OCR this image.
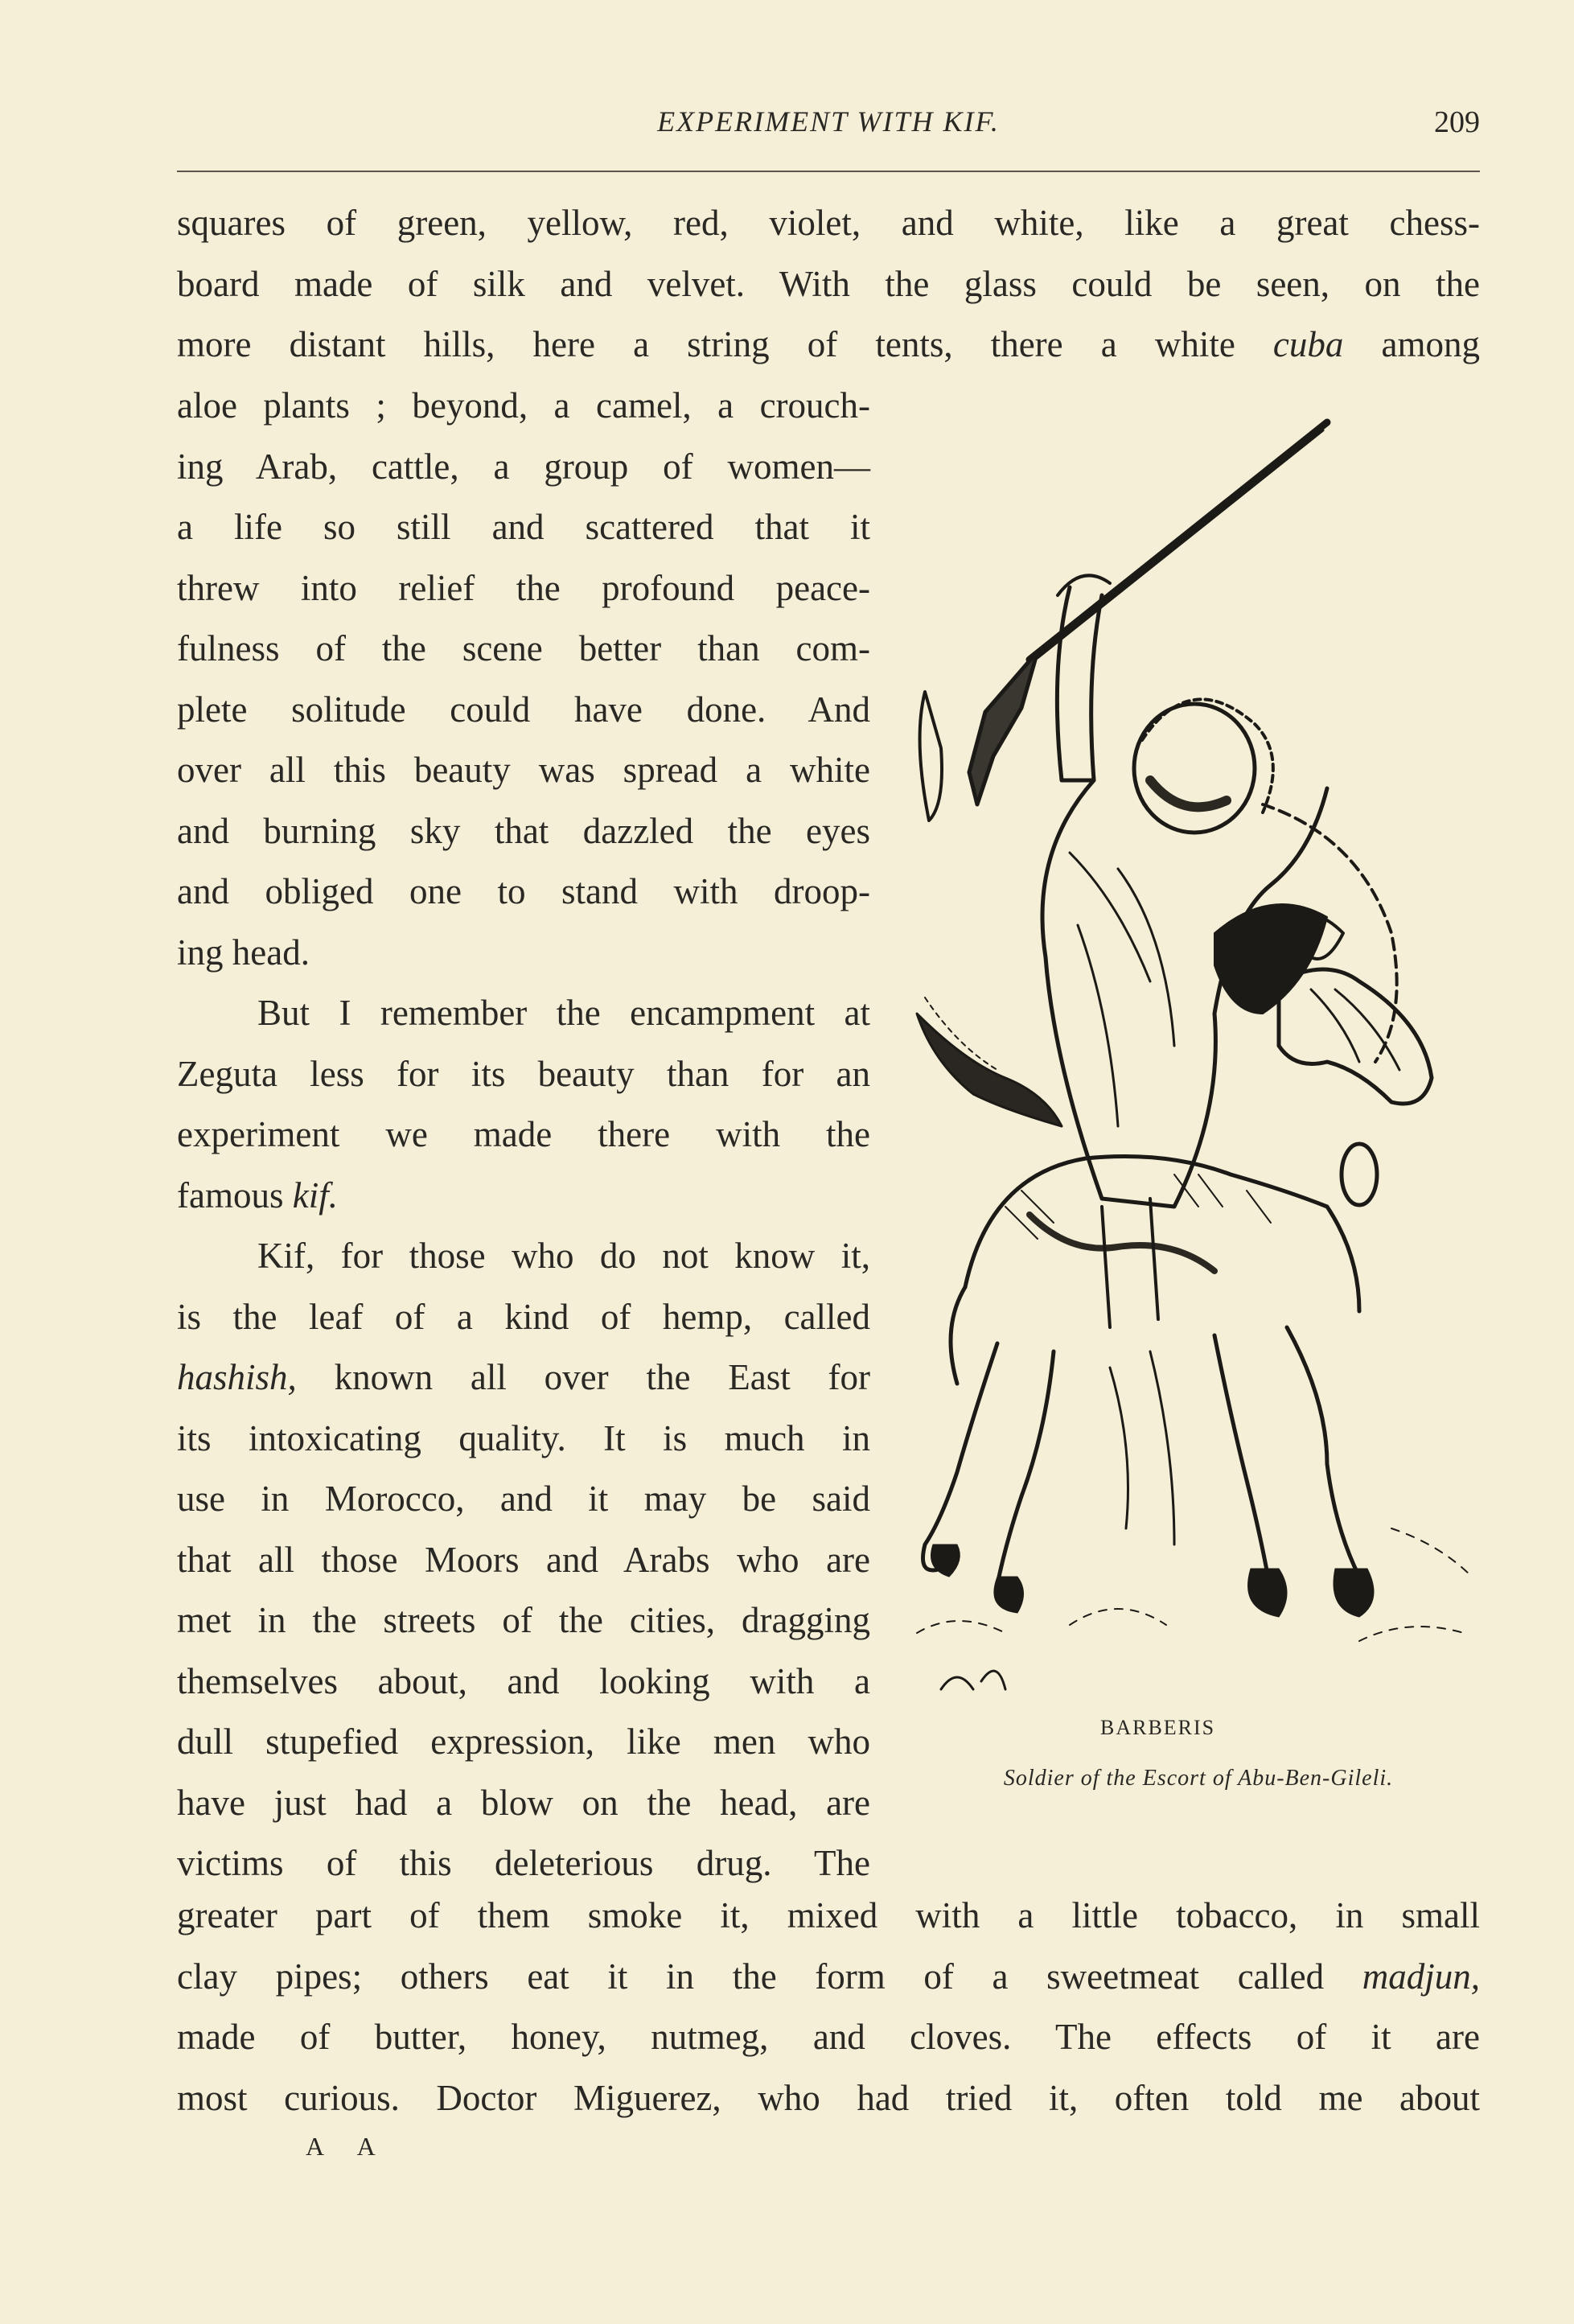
EXPERIMENT WITH KIF.	209
squares of green, yellow, red, violet, and white, like a great chess-
board made of silk and velvet. With the glass could be seen, on the
more distant hills, here a string of tents, there a white cuba among
aloe plants ; beyond, a camel, a crouch-
ing Arab, cattle, a group of women—
a life so still and scattered that it
threw into relief the profound peace-
fulness of the scene better than com-
plete solitude could have done. And
over all this beauty was spread a white
and burning sky that dazzled the eyes
and obliged one to stand with droop-
ing head.
But I remember the encampment at
Zeguta less for its beauty than for an
experiment we made there with the
famous kif.
Kif, for those who do not know it,
is the leaf of a kind of hemp, called
hashish, known all over the East for
its intoxicating quality. It is much in
use in Morocco, and it may be said
that all those Moors and Arabs who are
met in the streets of the cities, dragging
themselves about, and looking with a
dull stupefied expression, like men who
have just had a blow on the head, are
victims of this deleterious drug. The
greater part of them smoke it, mixed with a little tobacco, in small
clay pipes; others eat it in the form of a sweetmeat called madjun,
made of butter, honey, nutmeg, and cloves. The effects of it are
most curious. Doctor Miguerez, who had tried it, often told me about
BARBERIS
Soldier of the Escort of Abu-Ben-Gileli.
A A
